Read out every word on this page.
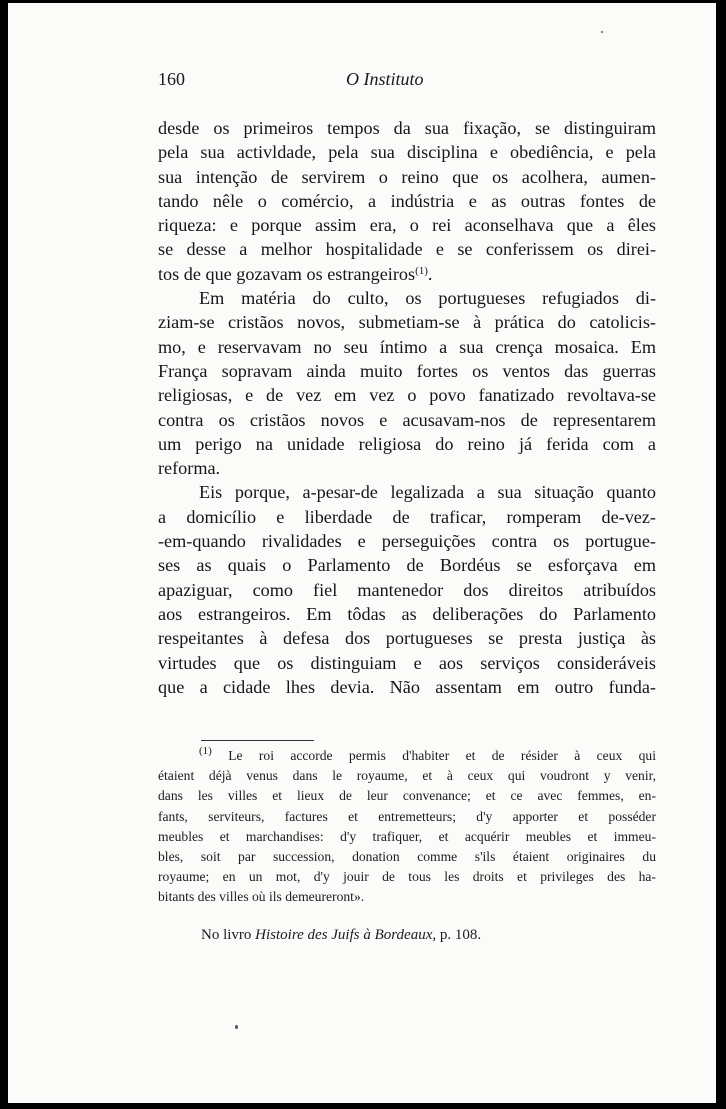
160	O Instituto
desde os primeiros tempos da sua fixação, se distinguiram
pela sua activldade, pela sua disciplina e obediência, e pela
sua intenção de servirem o reino que os acolhera, aumen-
tando nêle o comércio, a indústria e as outras fontes de
riqueza: e porque assim era, o rei aconselhava que a êles
se desse a melhor hospitalidade e se conferissem os direi-
tos de que gozavam os estrangeiros$^{(1)}$.
Em matéria do culto, os portugueses refugiados di-
ziam-se cristãos novos, submetiam-se à prática do catolicis-
mo, e reservavam no seu íntimo a sua crença mosaica. Em
França sopravam ainda muito fortes os ventos das guerras
religiosas, e de vez em vez o povo fanatizado revoltava-se
contra os cristãos novos e acusavam-nos de representarem
um perigo na unidade religiosa do reino já ferida com a
reforma.
Eis porque, a-pesar-de legalizada a sua situação quanto
a domicílio e liberdade de traficar, romperam de-vez-
-em-quando rivalidades e perseguições contra os portugue-
ses as quais o Parlamento de Bordéus se esforçava em
apaziguar, como fiel mantenedor dos direitos atribuídos
aos estrangeiros. Em tôdas as deliberações do Parlamento
respeitantes à defesa dos portugueses se presta justiça às
virtudes que os distinguiam e aos serviços consideráveis
que a cidade lhes devia. Não assentam em outro funda-
$^{(1)}$ Le roi accorde permis d'habiter et de résider à ceux qui
étaient déjà venus dans le royaume, et à ceux qui voudront y venir,
dans les villes et lieux de leur convenance; et ce avec femmes, en-
fants, serviteurs, factures et entremetteurs; d'y apporter et posséder
meubles et marchandises: d'y trafiquer, et acquérir meubles et immeu-
bles, soit par succession, donation comme s'ils étaient originaires du
royaume; en un mot, d'y jouir de tous les droits et privileges des ha-
bitants des villes où ils demeureront».
No livro Histoire des Juifs à Bordeaux, p. 108.
